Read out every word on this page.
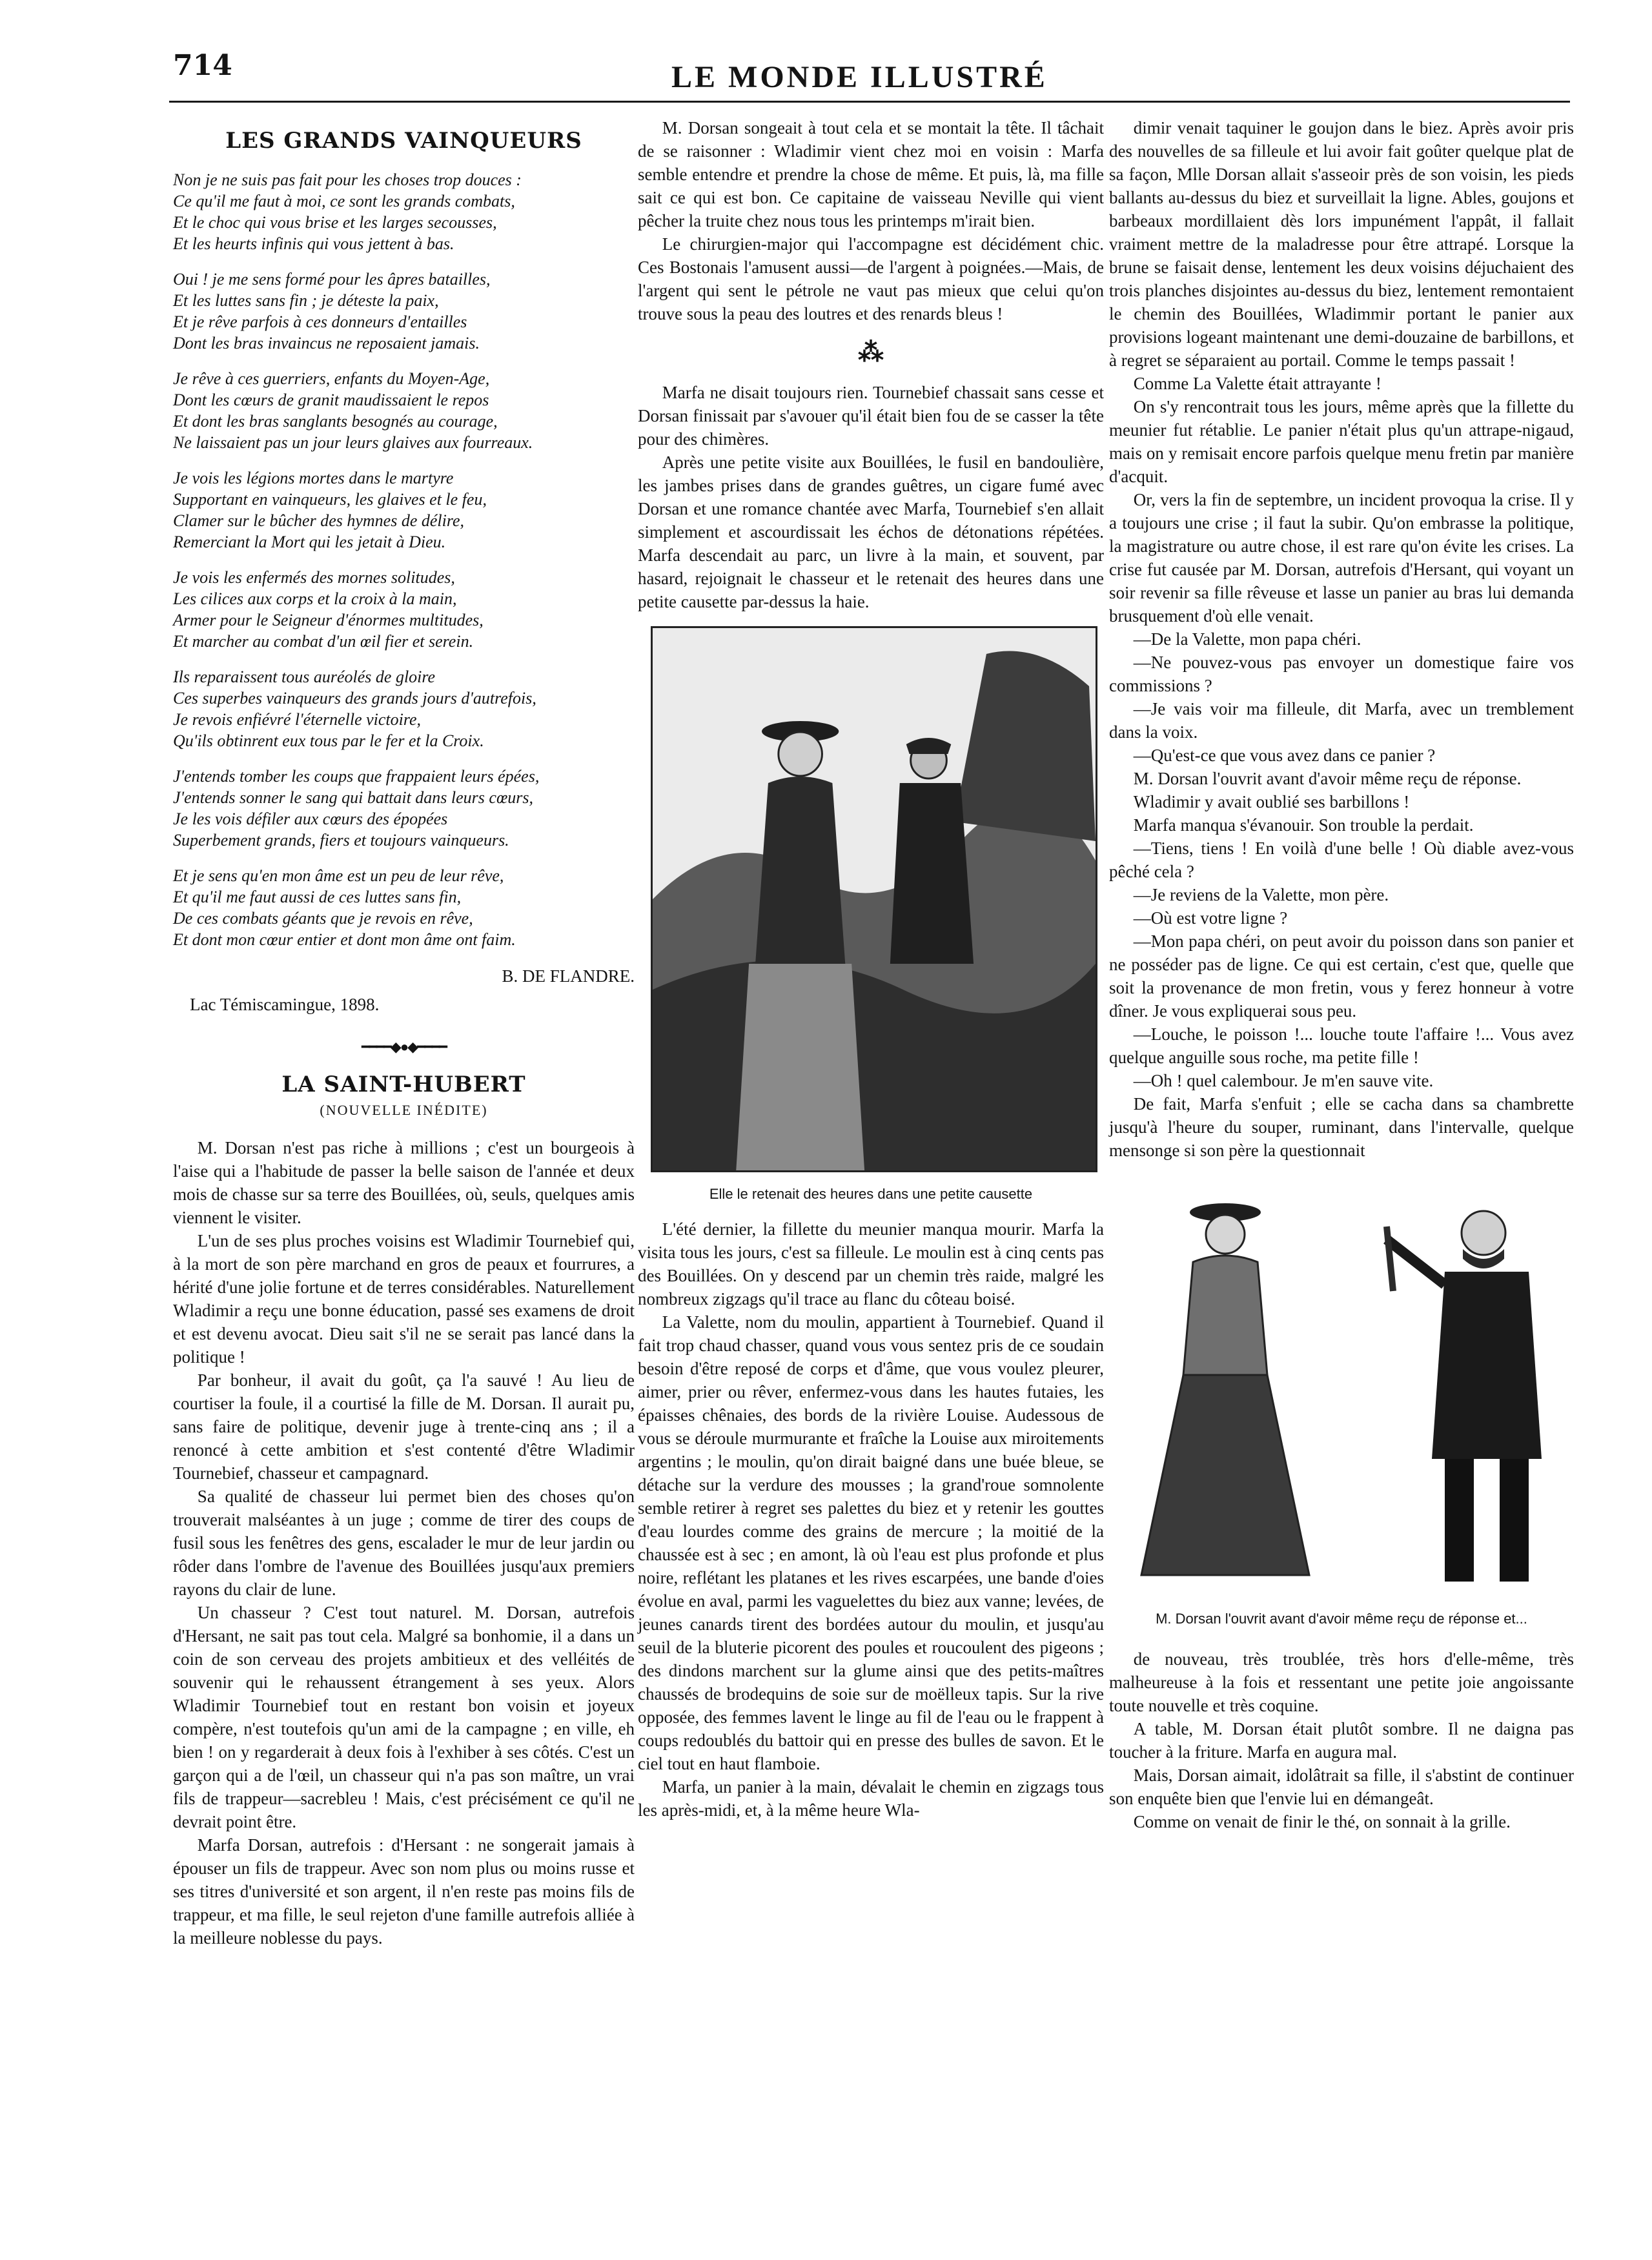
714	LE MONDE ILLUSTRÉ
LES GRANDS VAINQUEURS

Non je ne suis pas fait pour les choses trop douces :
Ce qu'il me faut à moi, ce sont les grands combats,
Et le choc qui vous brise et les larges secousses,
Et les heurts infinis qui vous jettent à bas.

Oui ! je me sens formé pour les âpres batailles,
Et les luttes sans fin ; je déteste la paix,
Et je rêve parfois à ces donneurs d'entailles
Dont les bras invaincus ne reposaient jamais.

Je rêve à ces guerriers, enfants du Moyen-Age,
Dont les cœurs de granit maudissaient le repos
Et dont les bras sanglants besognés au courage,
Ne laissaient pas un jour leurs glaives aux fourreaux.

Je vois les légions mortes dans le martyre
Supportant en vainqueurs, les glaives et le feu,
Clamer sur le bûcher des hymnes de délire,
Remerciant la Mort qui les jetait à Dieu.

Je vois les enfermés des mornes solitudes,
Les cilices aux corps et la croix à la main,
Armer pour le Seigneur d'énormes multitudes,
Et marcher au combat d'un œil fier et serein.

Ils reparaissent tous auréolés de gloire
Ces superbes vainqueurs des grands jours d'autrefois,
Je revois enfiévré l'éternelle victoire,
Qu'ils obtinrent eux tous par le fer et la Croix.

J'entends tomber les coups que frappaient leurs épées,
J'entends sonner le sang qui battait dans leurs cœurs,
Je les vois défiler aux cœurs des épopées
Superbement grands, fiers et toujours vainqueurs.

Et je sens qu'en mon âme est un peu de leur rêve,
Et qu'il me faut aussi de ces luttes sans fin,
De ces combats géants que je revois en rêve,
Et dont mon cœur entier et dont mon âme ont faim.

B. DE FLANDRE.
Lac Témiscamingue, 1898.
━━━━◆●◆━━━━
LA SAINT-HUBERT
(NOUVELLE INÉDITE)

M. Dorsan n'est pas riche à millions ; c'est un bourgeois à l'aise qui a l'habitude de passer la belle saison de l'année et deux mois de chasse sur sa terre des Bouillées, où, seuls, quelques amis viennent le visiter.

L'un de ses plus proches voisins est Wladimir Tournebief qui, à la mort de son père marchand en gros de peaux et fourrures, a hérité d'une jolie fortune et de terres considérables. Naturellement Wladimir a reçu une bonne éducation, passé ses examens de droit et est devenu avocat. Dieu sait s'il ne se serait pas lancé dans la politique !

Par bonheur, il avait du goût, ça l'a sauvé ! Au lieu de courtiser la foule, il a courtisé la fille de M. Dorsan. Il aurait pu, sans faire de politique, devenir juge à trente-cinq ans ; il a renoncé à cette ambition et s'est contenté d'être Wladimir Tournebief, chasseur et campagnard.

Sa qualité de chasseur lui permet bien des choses qu'on trouverait malséantes à un juge ; comme de tirer des coups de fusil sous les fenêtres des gens, escalader le mur de leur jardin ou rôder dans l'ombre de l'avenue des Bouillées jusqu'aux premiers rayons du clair de lune.

Un chasseur ? C'est tout naturel. M. Dorsan, autrefois d'Hersant, ne sait pas tout cela. Malgré sa bonhomie, il a dans un coin de son cerveau des projets ambitieux et des velléités de souvenir qui le rehaussent étrangement à ses yeux. Alors Wladimir Tournebief tout en restant bon voisin et joyeux compère, n'est toutefois qu'un ami de la campagne ; en ville, eh bien ! on y regarderait à deux fois à l'exhiber à ses côtés. C'est un garçon qui a de l'œil, un chasseur qui n'a pas son maître, un vrai fils de trappeur—sacrebleu ! Mais, c'est précisément ce qu'il ne devrait point être.

Marfa Dorsan, autrefois : d'Hersant : ne songerait jamais à épouser un fils de trappeur. Avec son nom plus ou moins russe et ses titres d'université et son argent, il n'en reste pas moins fils de trappeur, et ma fille, le seul rejeton d'une famille autrefois alliée à la meilleure noblesse du pays.

M. Dorsan songeait à tout cela et se montait la tête. Il tâchait de se raisonner : Wladimir vient chez moi en voisin : Marfa semble entendre et prendre la chose de même. Et puis, là, ma fille sait ce qui est bon. Ce capitaine de vaisseau Neville qui vient pêcher la truite chez nous tous les printemps m'irait bien.

Le chirurgien-major qui l'accompagne est décidément chic. Ces Bostonais l'amusent aussi—de l'argent à poignées.—Mais, de l'argent qui sent le pétrole ne vaut pas mieux que celui qu'on trouve sous la peau des loutres et des renards bleus !

⁂

Marfa ne disait toujours rien. Tournebief chassait sans cesse et Dorsan finissait par s'avouer qu'il était bien fou de se casser la tête pour des chimères.

Après une petite visite aux Bouillées, le fusil en bandoulière, les jambes prises dans de grandes guêtres, un cigare fumé avec Dorsan et une romance chantée avec Marfa, Tournebief s'en allait simplement et ascourdissait les échos de détonations répétées. Marfa descendait au parc, un livre à la main, et souvent, par hasard, rejoignait le chasseur et le retenait des heures dans une petite causette par-dessus la haie.

Elle le retenait des heures dans une petite causette

L'été dernier, la fillette du meunier manqua mourir. Marfa la visita tous les jours, c'est sa filleule. Le moulin est à cinq cents pas des Bouillées. On y descend par un chemin très raide, malgré les nombreux zigzags qu'il trace au flanc du côteau boisé.

La Valette, nom du moulin, appartient à Tournebief. Quand il fait trop chaud chasser, quand vous vous sentez pris de ce soudain besoin d'être reposé de corps et d'âme, que vous voulez pleurer, aimer, prier ou rêver, enfermez-vous dans les hautes futaies, les épaisses chênaies, des bords de la rivière Louise. Audessous de vous se déroule murmurante et fraîche la Louise aux miroitements argentins ; le moulin, qu'on dirait baigné dans une buée bleue, se détache sur la verdure des mousses ; la grand'roue somnolente semble retirer à regret ses palettes du biez et y retenir les gouttes d'eau lourdes comme des grains de mercure ; la moitié de la chaussée est à sec ; en amont, là où l'eau est plus profonde et plus noire, reflétant les platanes et les rives escarpées, une bande d'oies évolue en aval, parmi les vaguelettes du biez aux vanne; levées, de jeunes canards tirent des bordées autour du moulin, et jusqu'au seuil de la bluterie picorent des poules et roucoulent des pigeons ; des dindons marchent sur la glume ainsi que des petits-maîtres chaussés de brodequins de soie sur de moëlleux tapis. Sur la rive opposée, des femmes lavent le linge au fil de l'eau ou le frappent à coups redoublés du battoir qui en presse des bulles de savon. Et le ciel tout en haut flamboie.

Marfa, un panier à la main, dévalait le chemin en zigzags tous les après-midi, et, à la même heure Wla-

dimir venait taquiner le goujon dans le biez. Après avoir pris des nouvelles de sa filleule et lui avoir fait goûter quelque plat de sa façon, Mlle Dorsan allait s'asseoir près de son voisin, les pieds ballants au-dessus du biez et surveillait la ligne. Ables, goujons et barbeaux mordillaient dès lors impunément l'appât, il fallait vraiment mettre de la maladresse pour être attrapé. Lorsque la brune se faisait dense, lentement les deux voisins déjuchaient des trois planches disjointes au-dessus du biez, lentement remontaient le chemin des Bouillées, Wladimmir portant le panier aux provisions logeant maintenant une demi-douzaine de barbillons, et à regret se séparaient au portail. Comme le temps passait !

Comme La Valette était attrayante !

On s'y rencontrait tous les jours, même après que la fillette du meunier fut rétablie. Le panier n'était plus qu'un attrape-nigaud, mais on y remisait encore parfois quelque menu fretin par manière d'acquit.

Or, vers la fin de septembre, un incident provoqua la crise. Il y a toujours une crise ; il faut la subir. Qu'on embrasse la politique, la magistrature ou autre chose, il est rare qu'on évite les crises. La crise fut causée par M. Dorsan, autrefois d'Hersant, qui voyant un soir revenir sa fille rêveuse et lasse un panier au bras lui demanda brusquement d'où elle venait.

—De la Valette, mon papa chéri.

—Ne pouvez-vous pas envoyer un domestique faire vos commissions ?

—Je vais voir ma filleule, dit Marfa, avec un tremblement dans la voix.

—Qu'est-ce que vous avez dans ce panier ?

M. Dorsan l'ouvrit avant d'avoir même reçu de réponse.

Wladimir y avait oublié ses barbillons !

Marfa manqua s'évanouir. Son trouble la perdait.

—Tiens, tiens ! En voilà d'une belle ! Où diable avez-vous pêché cela ?

—Je reviens de la Valette, mon père.

—Où est votre ligne ?

—Mon papa chéri, on peut avoir du poisson dans son panier et ne posséder pas de ligne. Ce qui est certain, c'est que, quelle que soit la provenance de mon fretin, vous y ferez honneur à votre dîner. Je vous expliquerai sous peu.

—Louche, le poisson !... louche toute l'affaire !... Vous avez quelque anguille sous roche, ma petite fille !

—Oh ! quel calembour. Je m'en sauve vite.

De fait, Marfa s'enfuit ; elle se cacha dans sa chambrette jusqu'à l'heure du souper, ruminant, dans l'intervalle, quelque mensonge si son père la questionnait

M. Dorsan l'ouvrit avant d'avoir même reçu de réponse et...

de nouveau, très troublée, très hors d'elle-même, très malheureuse à la fois et ressentant une petite joie angoissante toute nouvelle et très coquine.

A table, M. Dorsan était plutôt sombre. Il ne daigna pas toucher à la friture. Marfa en augura mal.

Mais, Dorsan aimait, idolâtrait sa fille, il s'abstint de continuer son enquête bien que l'envie lui en démangeât.

Comme on venait de finir le thé, on sonnait à la grille.
